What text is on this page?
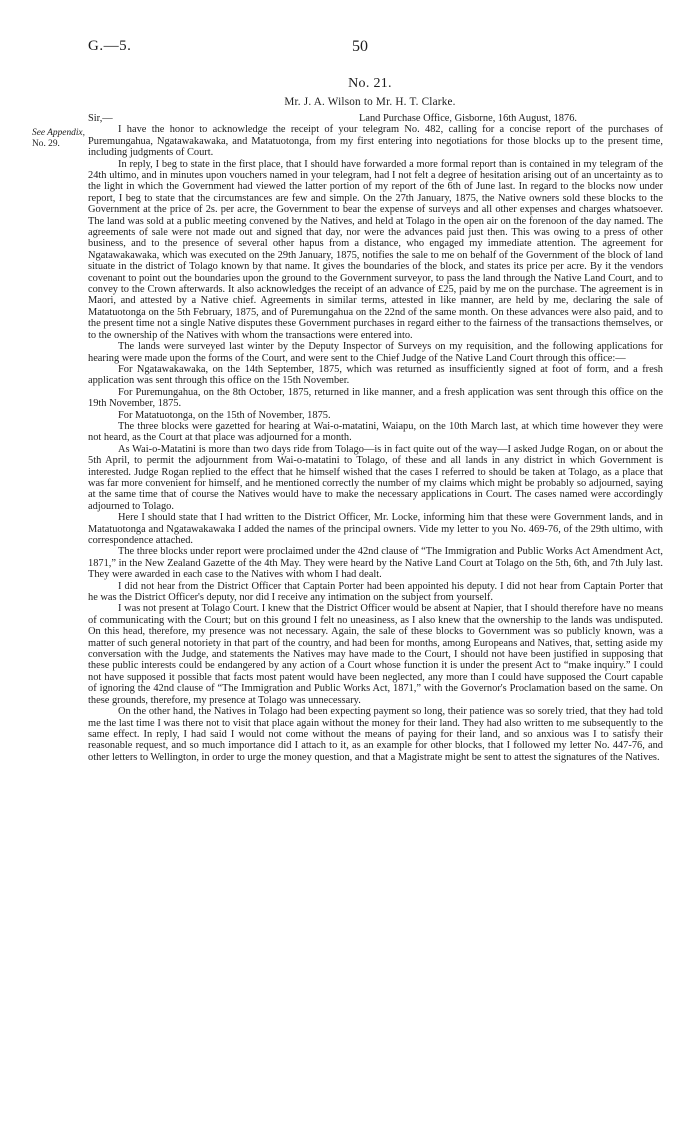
G.—5.	50
No. 21.
Mr. J. A. Wilson to Mr. H. T. Clarke.
See Appendix,
No. 29.
Sir,—	Land Purchase Office, Gisborne, 16th August, 1876.

I have the honor to acknowledge the receipt of your telegram No. 482, calling for a concise report of the purchases of Puremungahua, Ngatawakawaka, and Matatuotonga, from my first entering into negotiations for those blocks up to the present time, including judgments of Court.

In reply, I beg to state in the first place, that I should have forwarded a more formal report than is contained in my telegram of the 24th ultimo, and in minutes upon vouchers named in your telegram, had I not felt a degree of hesitation arising out of an uncertainty as to the light in which the Government had viewed the latter portion of my report of the 6th of June last. In regard to the blocks now under report, I beg to state that the circumstances are few and simple. On the 27th January, 1875, the Native owners sold these blocks to the Government at the price of 2s. per acre, the Government to bear the expense of surveys and all other expenses and charges whatsoever. The land was sold at a public meeting convened by the Natives, and held at Tolago in the open air on the forenoon of the day named. The agreements of sale were not made out and signed that day, nor were the advances paid just then. This was owing to a press of other business, and to the presence of several other hapus from a distance, who engaged my immediate attention. The agreement for Ngatawakawaka, which was executed on the 29th January, 1875, notifies the sale to me on behalf of the Government of the block of land situate in the district of Tolago known by that name. It gives the boundaries of the block, and states its price per acre. By it the vendors covenant to point out the boundaries upon the ground to the Government surveyor, to pass the land through the Native Land Court, and to convey to the Crown afterwards. It also acknowledges the receipt of an advance of £25, paid by me on the purchase. The agreement is in Maori, and attested by a Native chief. Agreements in similar terms, attested in like manner, are held by me, declaring the sale of Matatuotonga on the 5th February, 1875, and of Puremungahua on the 22nd of the same month. On these advances were also paid, and to the present time not a single Native disputes these Government purchases in regard either to the fairness of the transactions themselves, or to the ownership of the Natives with whom the transactions were entered into.

The lands were surveyed last winter by the Deputy Inspector of Surveys on my requisition, and the following applications for hearing were made upon the forms of the Court, and were sent to the Chief Judge of the Native Land Court through this office:—

For Ngatawakawaka, on the 14th September, 1875, which was returned as insufficiently signed at foot of form, and a fresh application was sent through this office on the 15th November.

For Puremungahua, on the 8th October, 1875, returned in like manner, and a fresh application was sent through this office on the 19th November, 1875.

For Matatuotonga, on the 15th of November, 1875.

The three blocks were gazetted for hearing at Wai-o-matatini, Waiapu, on the 10th March last, at which time however they were not heard, as the Court at that place was adjourned for a month.

As Wai-o-Matatini is more than two days ride from Tolago—is in fact quite out of the way—I asked Judge Rogan, on or about the 5th April, to permit the adjournment from Wai-o-matatini to Tolago, of these and all lands in any district in which Government is interested. Judge Rogan replied to the effect that he himself wished that the cases I referred to should be taken at Tolago, as a place that was far more convenient for himself, and he mentioned correctly the number of my claims which might be probably so adjourned, saying at the same time that of course the Natives would have to make the necessary applications in Court. The cases named were accordingly adjourned to Tolago.

Here I should state that I had written to the District Officer, Mr. Locke, informing him that these were Government lands, and in Matatuotonga and Ngatawakawaka I added the names of the principal owners. Vide my letter to you No. 469-76, of the 29th ultimo, with correspondence attached.

The three blocks under report were proclaimed under the 42nd clause of “The Immigration and Public Works Act Amendment Act, 1871,” in the New Zealand Gazette of the 4th May. They were heard by the Native Land Court at Tolago on the 5th, 6th, and 7th July last. They were awarded in each case to the Natives with whom I had dealt.

I did not hear from the District Officer that Captain Porter had been appointed his deputy. I did not hear from Captain Porter that he was the District Officer's deputy, nor did I receive any intimation on the subject from yourself.

I was not present at Tolago Court. I knew that the District Officer would be absent at Napier, that I should therefore have no means of communicating with the Court; but on this ground I felt no uneasiness, as I also knew that the ownership to the lands was undisputed. On this head, therefore, my presence was not necessary. Again, the sale of these blocks to Government was so publicly known, was a matter of such general notoriety in that part of the country, and had been for months, among Europeans and Natives, that, setting aside my conversation with the Judge, and statements the Natives may have made to the Court, I should not have been justified in supposing that these public interests could be endangered by any action of a Court whose function it is under the present Act to “make inquiry.” I could not have supposed it possible that facts most patent would have been neglected, any more than I could have supposed the Court capable of ignoring the 42nd clause of “The Immigration and Public Works Act, 1871,” with the Governor's Proclamation based on the same. On these grounds, therefore, my presence at Tolago was unnecessary.

On the other hand, the Natives in Tolago had been expecting payment so long, their patience was so sorely tried, that they had told me the last time I was there not to visit that place again without the money for their land. They had also written to me subsequently to the same effect. In reply, I had said I would not come without the means of paying for their land, and so anxious was I to satisfy their reasonable request, and so much importance did I attach to it, as an example for other blocks, that I followed my letter No. 447-76, and other letters to Wellington, in order to urge the money question, and that a Magistrate might be sent to attest the signatures of the Natives.
